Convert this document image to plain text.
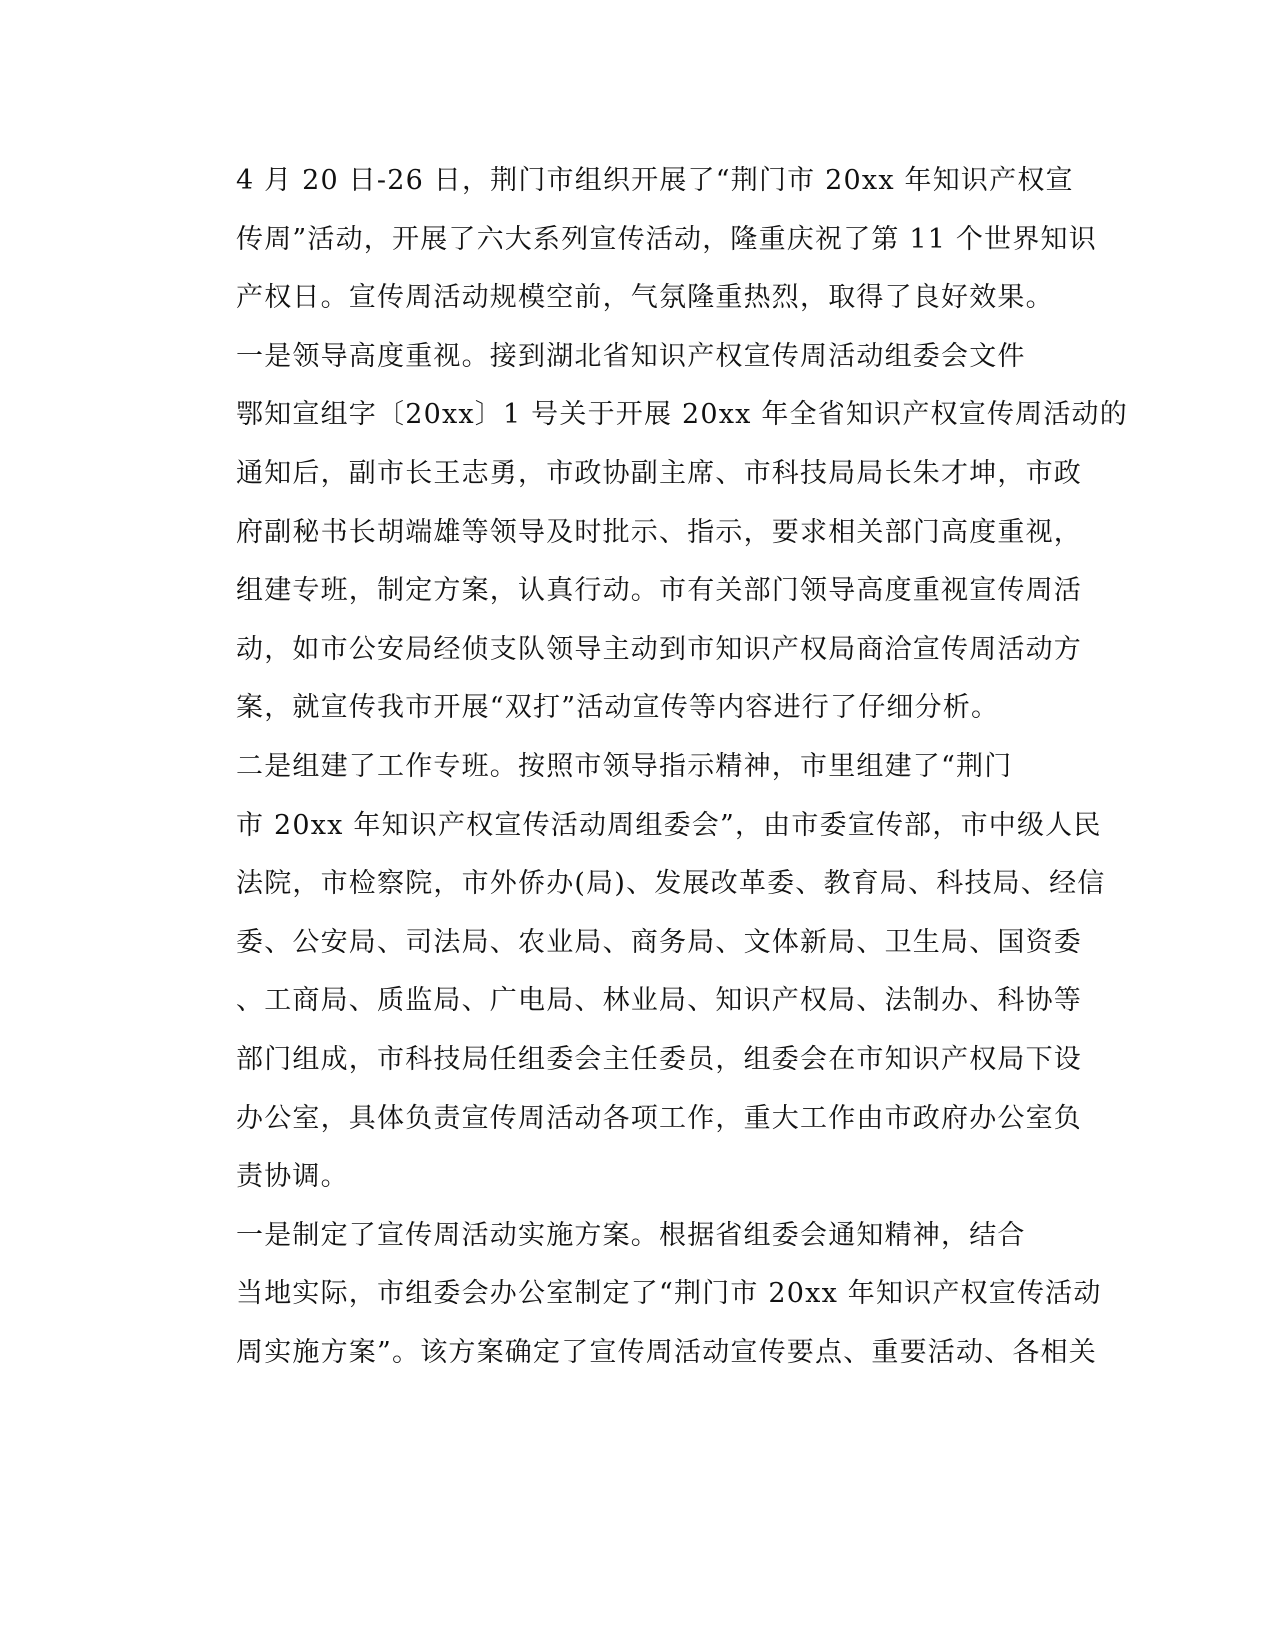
4 月 20 日-26 日，荆门市组织开展了“荆门市 20xx 年知识产权宣
传周”活动，开展了六大系列宣传活动，隆重庆祝了第 11 个世界知识
产权日。宣传周活动规模空前，气氛隆重热烈，取得了良好效果。

一是领导高度重视。接到湖北省知识产权宣传周活动组委会文件
鄂知宣组字〔20xx〕1 号关于开展 20xx 年全省知识产权宣传周活动的
通知后，副市长王志勇，市政协副主席、市科技局局长朱才坤，市政
府副秘书长胡端雄等领导及时批示、指示，要求相关部门高度重视，
组建专班，制定方案，认真行动。市有关部门领导高度重视宣传周活
动，如市公安局经侦支队领导主动到市知识产权局商洽宣传周活动方
案，就宣传我市开展“双打”活动宣传等内容进行了仔细分析。

二是组建了工作专班。按照市领导指示精神，市里组建了“荆门
市 20xx 年知识产权宣传活动周组委会”，由市委宣传部，市中级人民
法院，市检察院，市外侨办(局)、发展改革委、教育局、科技局、经信
委、公安局、司法局、农业局、商务局、文体新局、卫生局、国资委
、工商局、质监局、广电局、林业局、知识产权局、法制办、科协等
部门组成，市科技局任组委会主任委员，组委会在市知识产权局下设
办公室，具体负责宣传周活动各项工作，重大工作由市政府办公室负
责协调。

一是制定了宣传周活动实施方案。根据省组委会通知精神，结合
当地实际，市组委会办公室制定了“荆门市 20xx 年知识产权宣传活动
周实施方案”。该方案确定了宣传周活动宣传要点、重要活动、各相关
